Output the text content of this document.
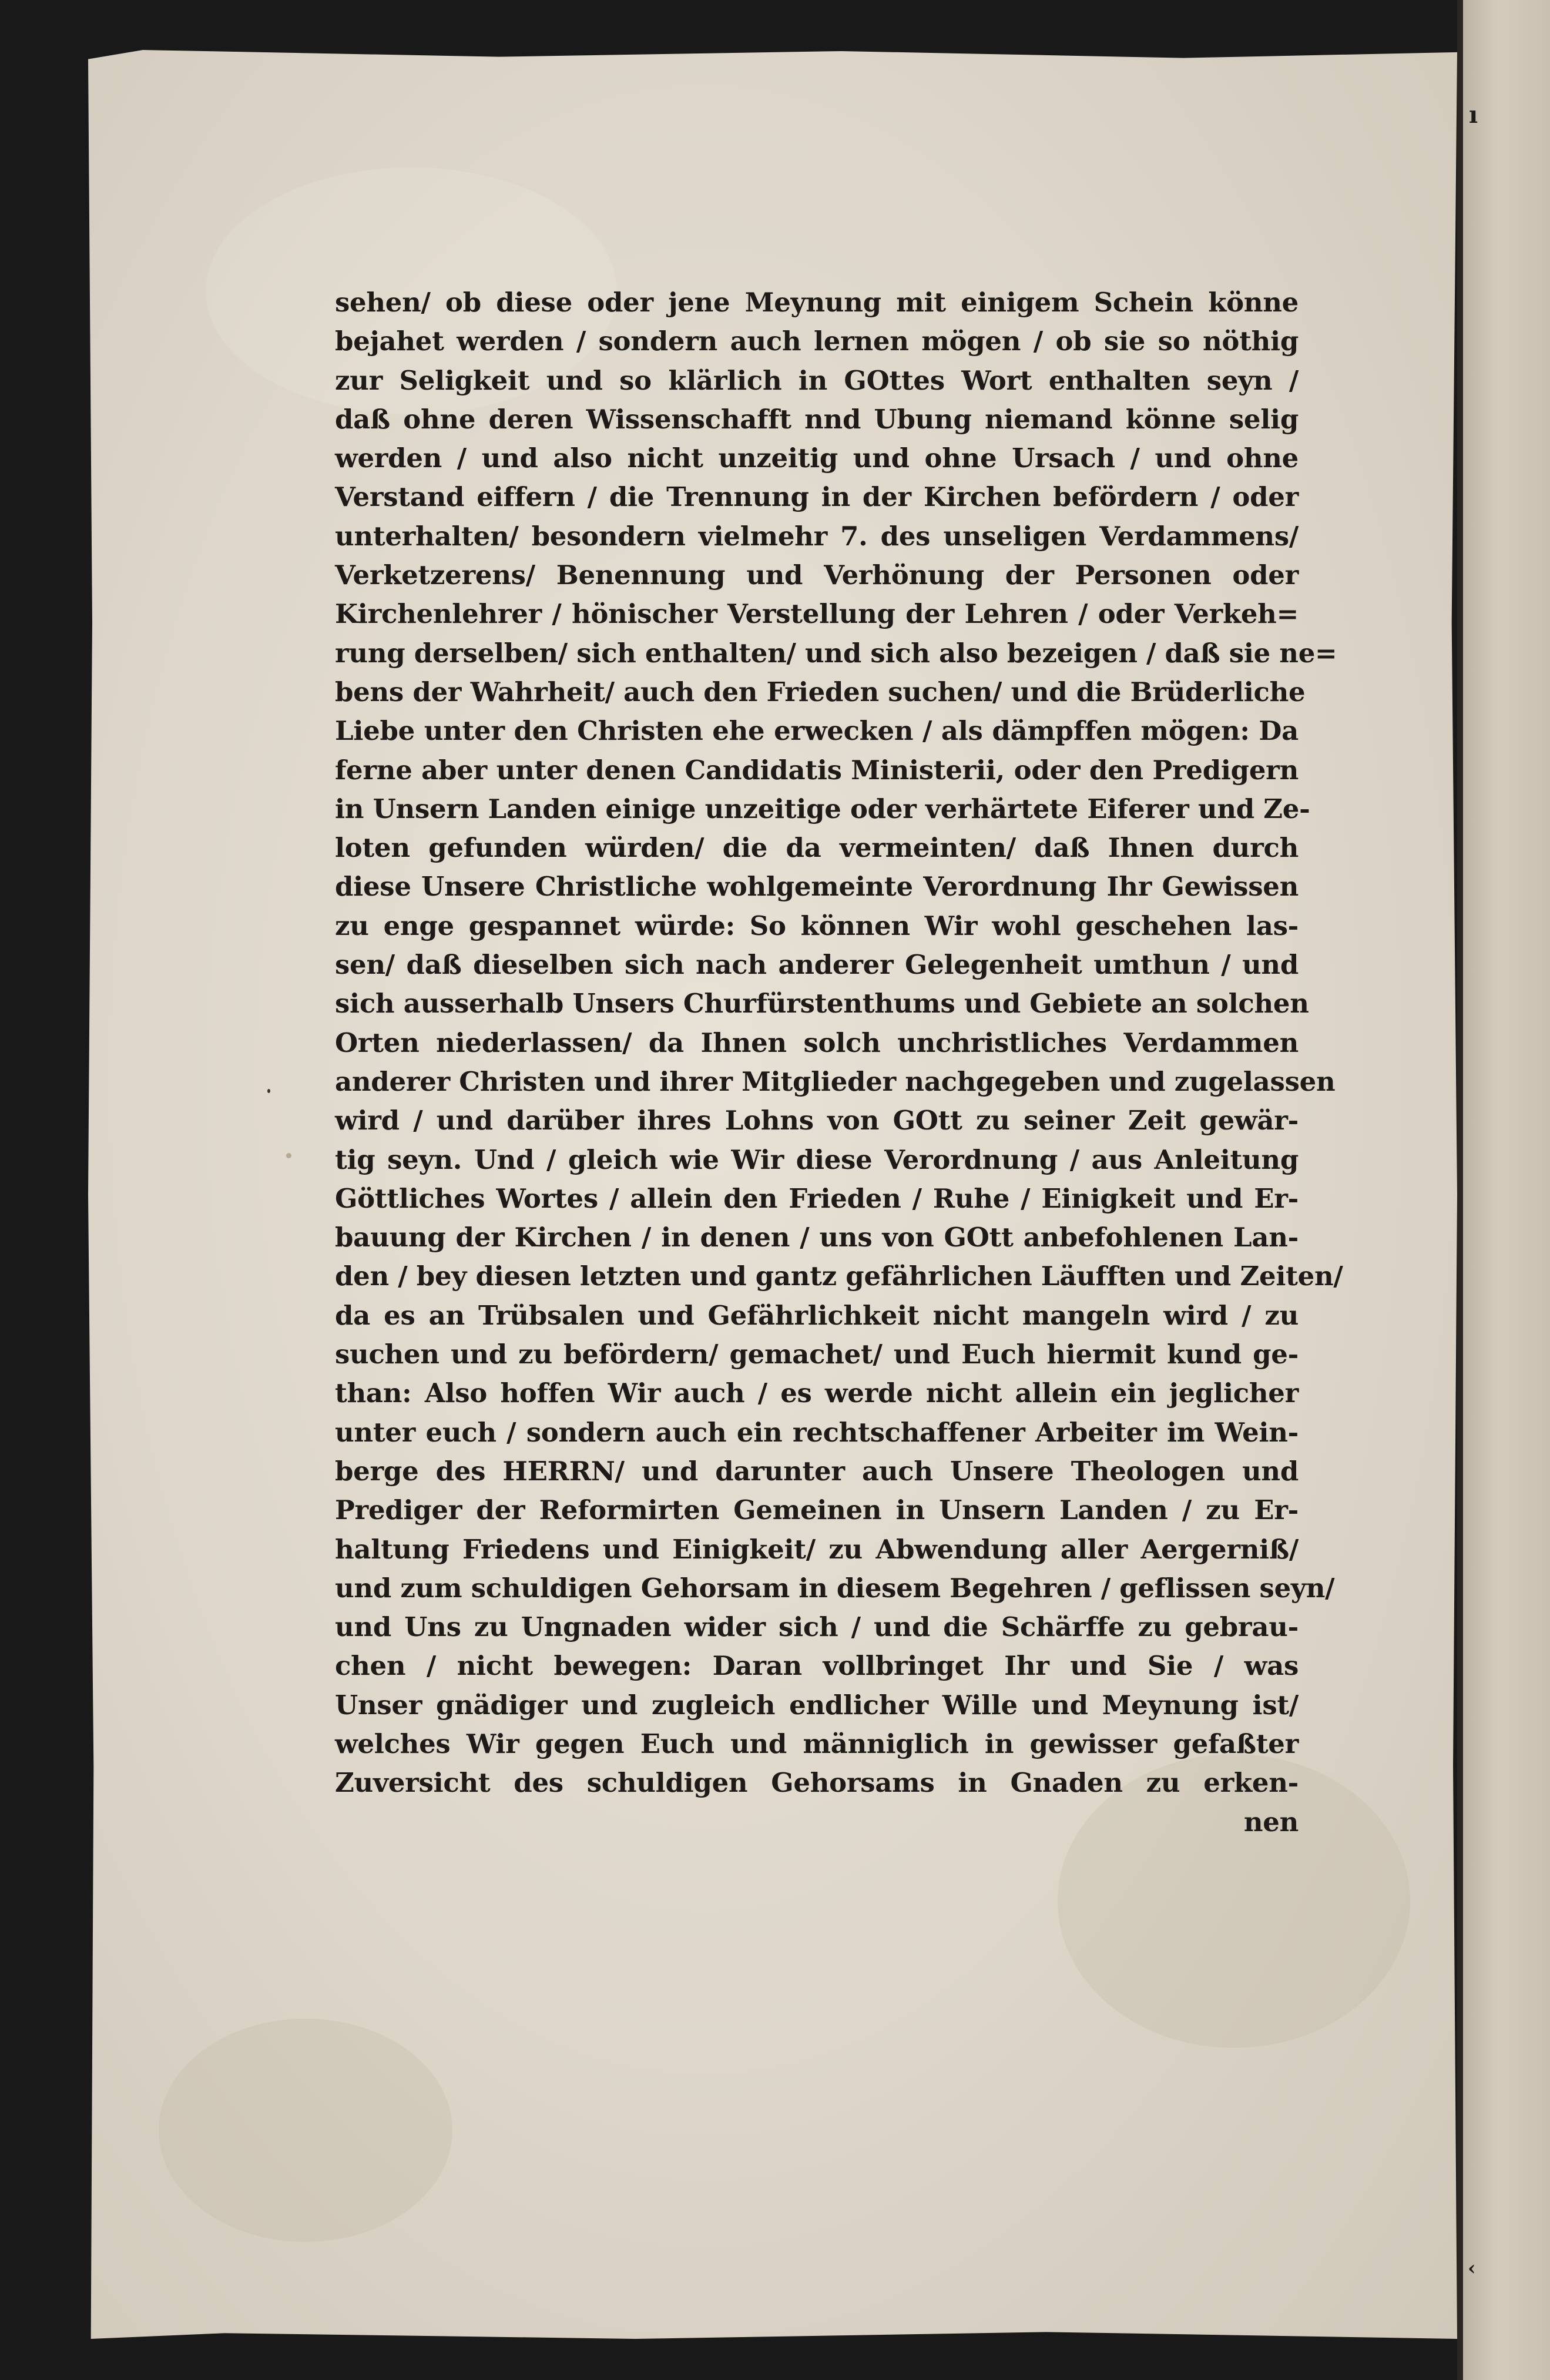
ı
‹
sehen/ ob diese oder jene Meynung mit einigem Schein könne
bejahet werden / sondern auch lernen mögen / ob sie so nöthig
zur Seligkeit und so klärlich in GOttes Wort enthalten seyn /
daß ohne deren Wissenschafft nnd Ubung niemand könne selig
werden / und also nicht unzeitig und ohne Ursach / und ohne
Verstand eiffern / die Trennung in der Kirchen befördern / oder
unterhalten/ besondern vielmehr 7. des unseligen Verdammens/
Verketzerens/ Benennung und Verhönung der Personen oder
Kirchenlehrer / hönischer Verstellung der Lehren / oder Verkeh=
rung derselben/ sich enthalten/ und sich also bezeigen / daß sie ne=
bens der Wahrheit/ auch den Frieden suchen/ und die Brüderliche
Liebe unter den Christen ehe erwecken / als dämpffen mögen: Da
ferne aber unter denen Candidatis Ministerii, oder den Predigern
in Unsern Landen einige unzeitige oder verhärtete Eiferer und Ze-
loten gefunden würden/ die da vermeinten/ daß Ihnen durch
diese Unsere Christliche wohlgemeinte Verordnung Ihr Gewissen
zu enge gespannet würde: So können Wir wohl geschehen las-
sen/ daß dieselben sich nach anderer Gelegenheit umthun / und
sich ausserhalb Unsers Churfürstenthums und Gebiete an solchen
Orten niederlassen/ da Ihnen solch unchristliches Verdammen
anderer Christen und ihrer Mitglieder nachgegeben und zugelassen
wird / und darüber ihres Lohns von GOtt zu seiner Zeit gewär-
tig seyn. Und / gleich wie Wir diese Verordnung / aus Anleitung
Göttliches Wortes / allein den Frieden / Ruhe / Einigkeit und Er-
bauung der Kirchen / in denen / uns von GOtt anbefohlenen Lan-
den / bey diesen letzten und gantz gefährlichen Läufften und Zeiten/
da es an Trübsalen und Gefährlichkeit nicht mangeln wird / zu
suchen und zu befördern/ gemachet/ und Euch hiermit kund ge-
than: Also hoffen Wir auch / es werde nicht allein ein jeglicher
unter euch / sondern auch ein rechtschaffener Arbeiter im Wein-
berge des HERRN/ und darunter auch Unsere Theologen und
Prediger der Reformirten Gemeinen in Unsern Landen / zu Er-
haltung Friedens und Einigkeit/ zu Abwendung aller Aergerniß/
und zum schuldigen Gehorsam in diesem Begehren / geflissen seyn/
und Uns zu Ungnaden wider sich / und die Schärffe zu gebrau-
chen / nicht bewegen: Daran vollbringet Ihr und Sie / was
Unser gnädiger und zugleich endlicher Wille und Meynung ist/
welches Wir gegen Euch und männiglich in gewisser gefaßter
Zuversicht des schuldigen Gehorsams in Gnaden zu erken-
nen
